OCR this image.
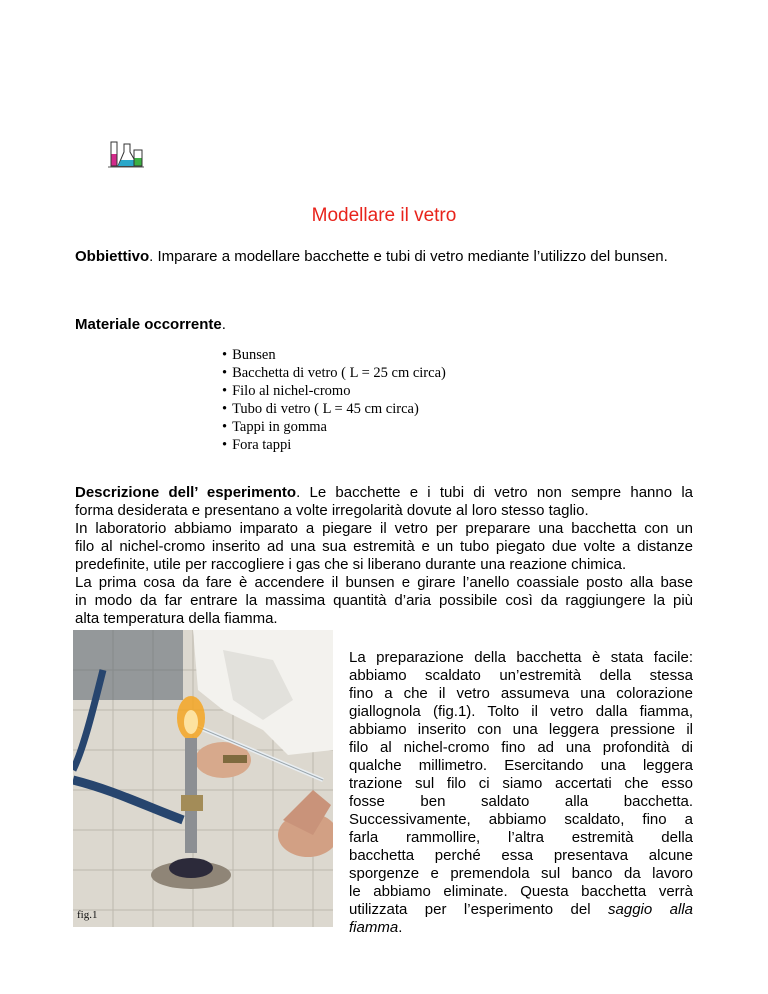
Modellare il vetro

Obbiettivo. Imparare a modellare bacchette e tubi di vetro mediante l’utilizzo del bunsen.

Materiale occorrente.

• Bunsen
• Bacchetta di vetro ( L = 25 cm circa)
• Filo al nichel-cromo
• Tubo di vetro ( L = 45 cm circa)
• Tappi in gomma
• Fora tappi
Descrizione dell’ esperimento. Le bacchette e i tubi di vetro non sempre hanno la
forma desiderata e presentano a volte irregolarità dovute al loro stesso taglio.
In laboratorio abbiamo imparato a piegare il vetro per preparare una bacchetta con un
filo al nichel-cromo inserito ad una sua estremità e un tubo piegato due volte a distanze
predefinite, utile per raccogliere i gas che si liberano durante una reazione chimica.
La prima cosa da fare è accendere il bunsen e girare l’anello coassiale posto alla base
in modo da far entrare la massima quantità d’aria possibile così da raggiungere la più
alta temperatura della fiamma.
fig.1
La preparazione della bacchetta è stata facile:
abbiamo scaldato un’estremità della stessa
fino a che il vetro assumeva una colorazione
giallognola (fig.1). Tolto il vetro dalla fiamma,
abbiamo inserito con una leggera pressione il
filo al nichel-cromo fino ad una profondità di
qualche millimetro. Esercitando una leggera
trazione sul filo ci siamo accertati che esso
fosse ben saldato alla bacchetta.
Successivamente, abbiamo scaldato, fino a
farla rammollire, l’altra estremità della
bacchetta perché essa presentava alcune
sporgenze e premendola sul banco da lavoro
le abbiamo eliminate. Questa bacchetta verrà
utilizzata per l’esperimento del saggio alla
fiamma.
